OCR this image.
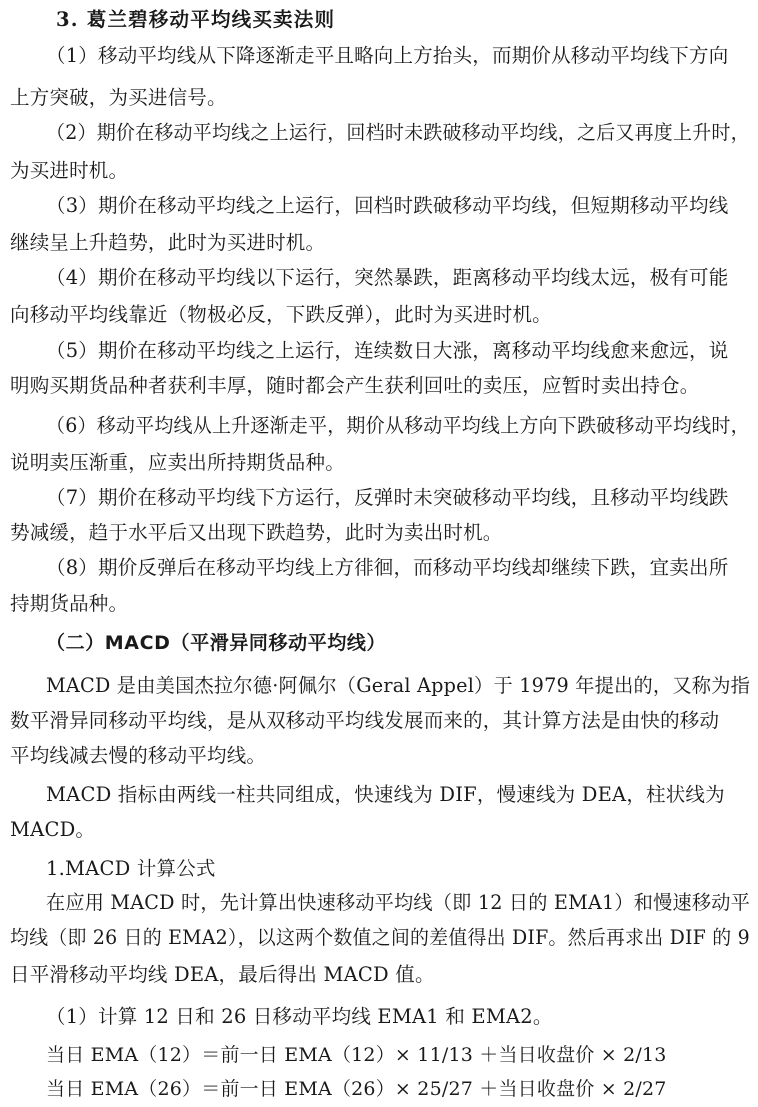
3. 葛兰碧移动平均线买卖法则
（1）移动平均线从下降逐渐走平且略向上方抬头，而期价从移动平均线下方向
上方突破，为买进信号。
（2）期价在移动平均线之上运行，回档时未跌破移动平均线，之后又再度上升时，
为买进时机。
（3）期价在移动平均线之上运行，回档时跌破移动平均线，但短期移动平均线
继续呈上升趋势，此时为买进时机。
（4）期价在移动平均线以下运行，突然暴跌，距离移动平均线太远，极有可能
向移动平均线靠近（物极必反，下跌反弹），此时为买进时机。
（5）期价在移动平均线之上运行，连续数日大涨，离移动平均线愈来愈远，说
明购买期货品种者获利丰厚，随时都会产生获利回吐的卖压，应暂时卖出持仓。
（6）移动平均线从上升逐渐走平，期价从移动平均线上方向下跌破移动平均线时，
说明卖压渐重，应卖出所持期货品种。
（7）期价在移动平均线下方运行，反弹时未突破移动平均线，且移动平均线跌
势减缓，趋于水平后又出现下跌趋势，此时为卖出时机。
（8）期价反弹后在移动平均线上方徘徊，而移动平均线却继续下跌，宜卖出所
持期货品种。
（二）MACD（平滑异同移动平均线）
MACD 是由美国杰拉尔德·阿佩尔（Geral Appel）于 1979 年提出的，又称为指
数平滑异同移动平均线，是从双移动平均线发展而来的，其计算方法是由快的移动
平均线减去慢的移动平均线。
MACD 指标由两线一柱共同组成，快速线为 DIF，慢速线为 DEA，柱状线为
MACD。
1.MACD 计算公式
在应用 MACD 时，先计算出快速移动平均线（即 12 日的 EMA1）和慢速移动平
均线（即 26 日的 EMA2），以这两个数值之间的差值得出 DIF。然后再求出 DIF 的 9
日平滑移动平均线 DEA，最后得出 MACD 值。
（1）计算 12 日和 26 日移动平均线 EMA1 和 EMA2。
当日 EMA（12）＝前一日 EMA（12）× 11/13 ＋当日收盘价 × 2/13
当日 EMA（26）＝前一日 EMA（26）× 25/27 ＋当日收盘价 × 2/27
